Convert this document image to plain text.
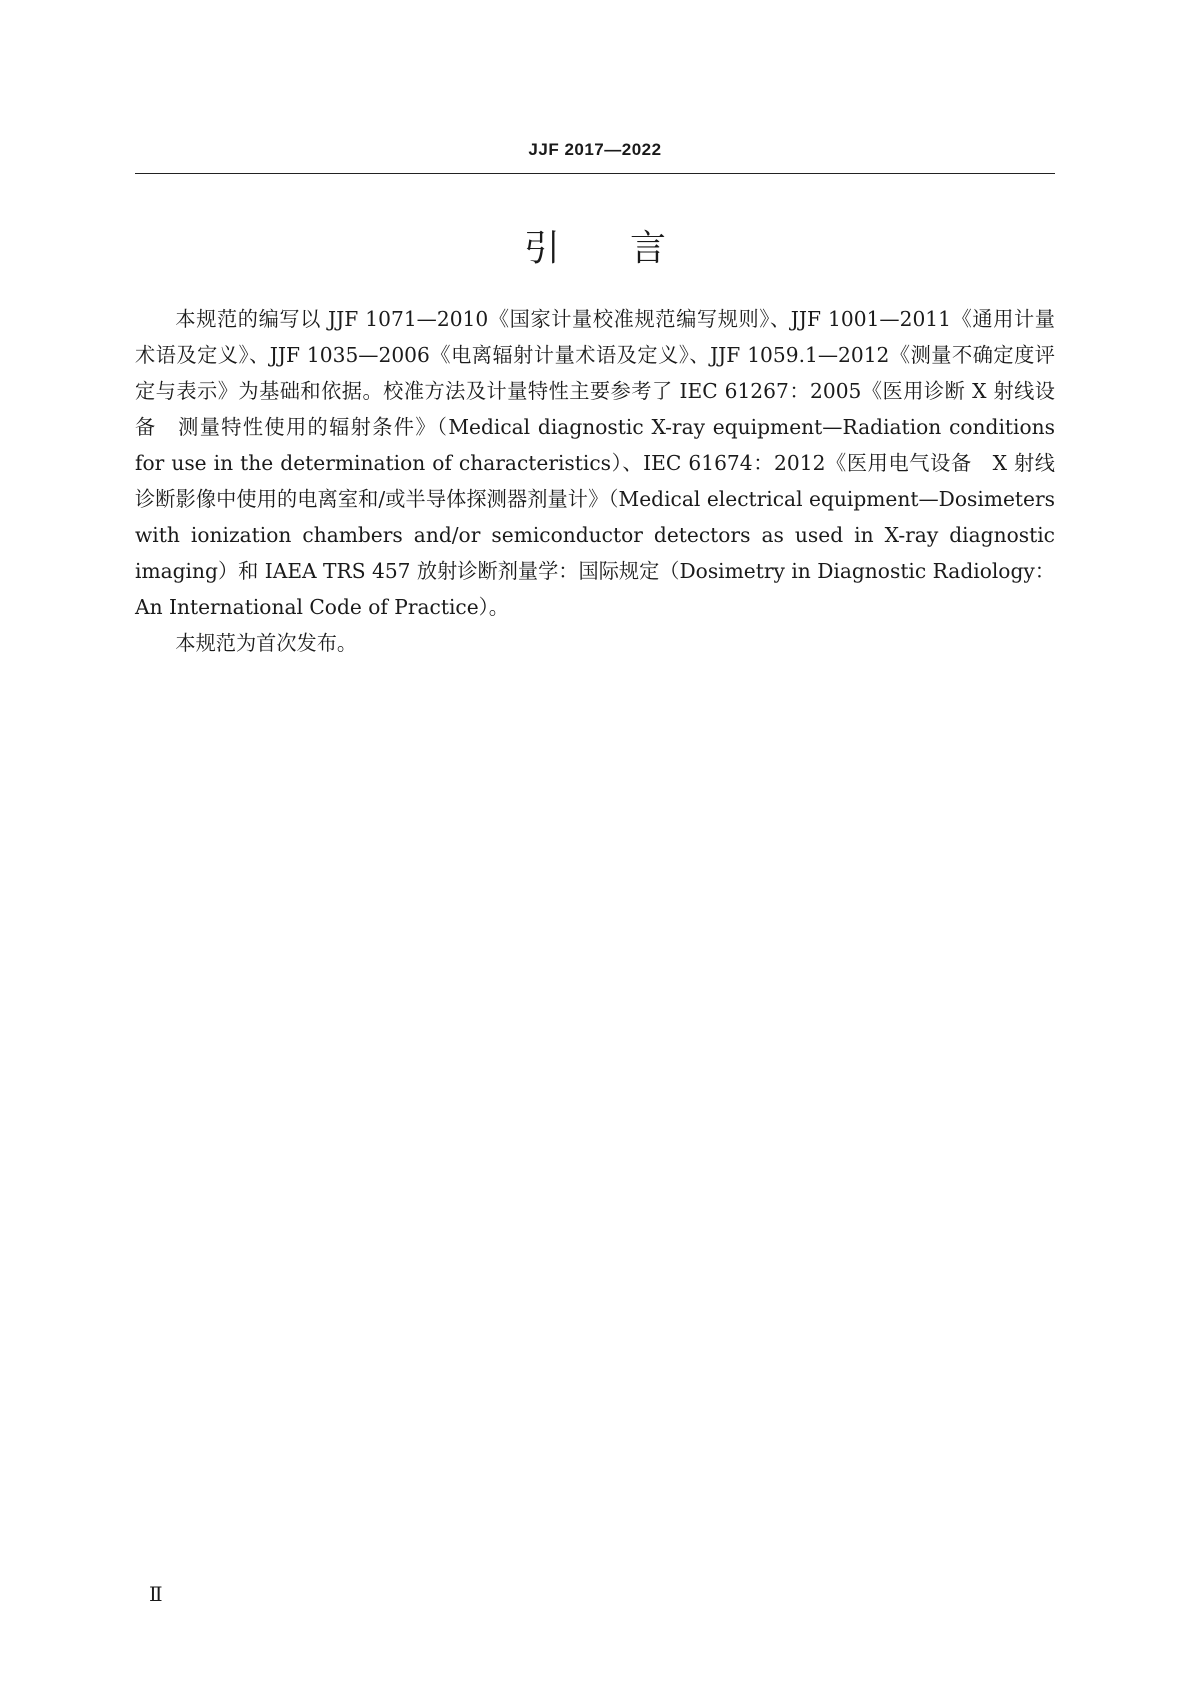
JJF 2017—2022
引 言

本规范的编写以 JJF 1071—2010《国家计量校准规范编写规则》、JJF 1001—2011《通用计量术语及定义》、JJF 1035—2006《电离辐射计量术语及定义》、JJF 1059.1—2012《测量不确定度评定与表示》为基础和依据。校准方法及计量特性主要参考了 IEC 61267：2005《医用诊断 X 射线设备　测量特性使用的辐射条件》（Medical diagnostic X-ray equipment—Radiation conditions for use in the determination of characteristics）、IEC 61674：2012《医用电气设备　X 射线诊断影像中使用的电离室和/或半导体探测器剂量计》（Medical electrical equipment—Dosimeters with ionization chambers and/or semiconductor detectors as used in X-ray diagnostic imaging）和 IAEA TRS 457 放射诊断剂量学：国际规定（Dosimetry in Diagnostic Radiology：An International Code of Practice）。

本规范为首次发布。

Ⅱ
